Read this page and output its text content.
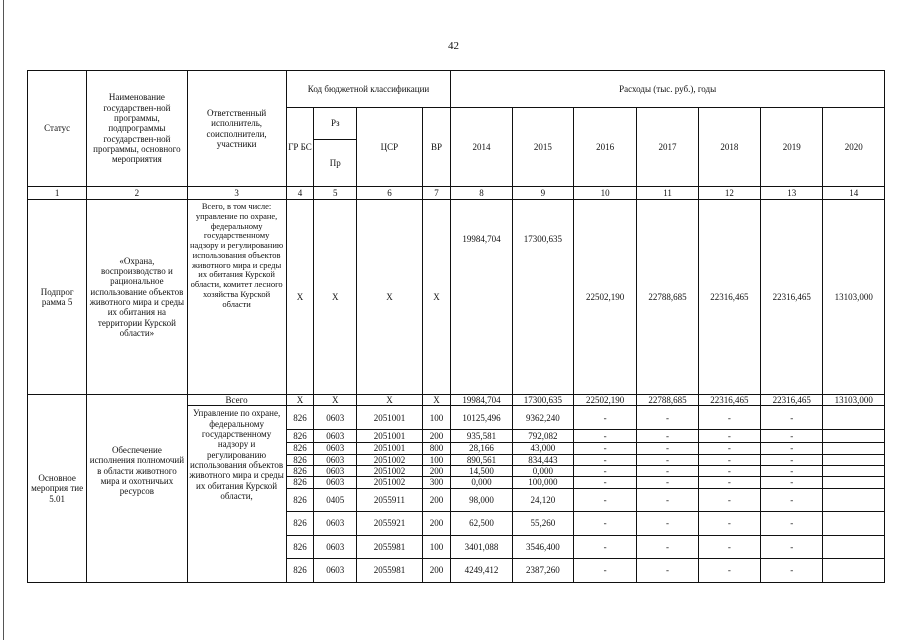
42
Статус	Наименование государствен-ной программы, подпрограммы государствен-ной программы, основного мероприятия	Ответственный исполнитель, соисполнители, участники	Код бюджетной классификации				Расходы (тыс. руб.), годы						
			ГР БС	Рз	ЦСР	ВР	2014	2015	2016	2017	2018	2019	2020
				Пр									
1	2	3	4	5	6	7	8	9	10	11	12	13	14
Подпрог рамма 5	«Охрана, воспроизводство и рациональное использование объектов животного мира и среды их обитания на территории Курской области»	Всего, в том числе: управление по охране, федеральному государственному надзору и регулированию использования объектов животного мира и среды их обитания Курской области, комитет лесного хозяйства Курской области	X	X	X	X	19984,704	17300,635	22502,190	22788,685	22316,465	22316,465	13103,000
Основное мероприя тие 5.01	Обеспечение исполнения полномочий в области животного мира и охотничьих ресурсов	Всего	X	X	X	X	19984,704	17300,635	22502,190	22788,685	22316,465	22316,465	13103,000
		Управление по охране, федеральному государственному надзору и регулированию использования объектов животного мира и среды их обитания Курской области,	826	0603	2051001	100	10125,496	9362,240	-	-	-	-	
			826	0603	2051001	200	935,581	792,082	-	-	-	-	
			826	0603	2051001	800	28,166	43,000	-	-	-	-	
			826	0603	2051002	100	890,561	834,443	-	-	-	-	
			826	0603	2051002	200	14,500	0,000	-	-	-	-	
			826	0603	2051002	300	0,000	100,000	-	-	-	-	
			826	0405	2055911	200	98,000	24,120	-	-	-	-	
			826	0603	2055921	200	62,500	55,260	-	-	-	-	
			826	0603	2055981	100	3401,088	3546,400	-	-	-	-	
			826	0603	2055981	200	4249,412	2387,260	-	-	-	-	
